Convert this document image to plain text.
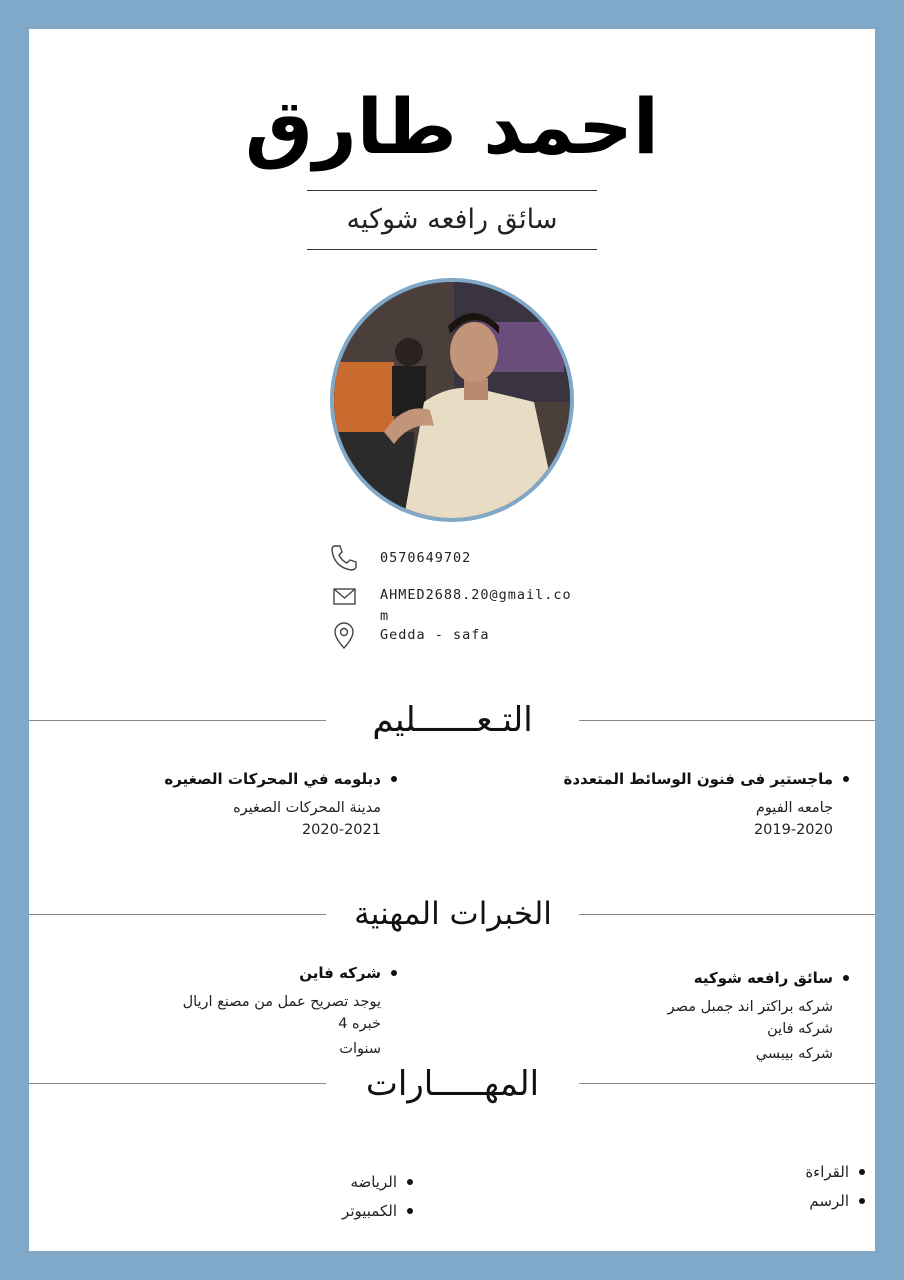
احمد طارق
سائق رافعه شوكيه
0570649702
AHMED2688.20@gmail.com
Gedda - safa
التـعــــــليم
ماجستير فى فنون الوسائط المتعددة
جامعه الفيوم
2019-2020
دبلومه في المحركات الصغيره
مدينة المحركات الصغيره
2020-2021
الخبرات المهنية
سائق رافعه شوكيه
شركه براكتر اند جمبل مصر
شركه فاين
شركه بيبسي
شركه فاين
يوجد تصريح عمل من مصنع اريال
خبره 4
سنوات
المهـــــارات
القراءة
الرسم
الرياضه
الكمبيوتر
